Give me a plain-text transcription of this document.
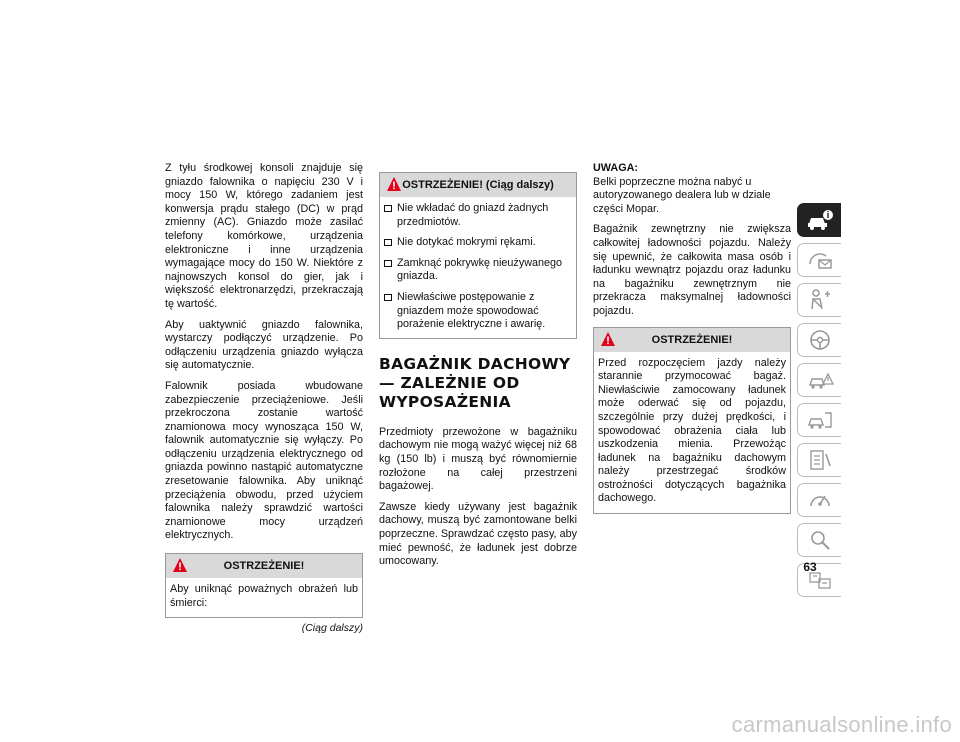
Z tyłu środkowej konsoli znajduje się gniazdo falownika o napięciu 230 V i mocy 150 W, którego zadaniem jest konwersja prądu stałego (DC) w prąd zmienny (AC). Gniazdo może zasilać telefony komórkowe, urządzenia elektroniczne i inne urządzenia wymagające mocy do 150 W. Niektóre z najnowszych konsol do gier, jak i większość elektronarzędzi, przekraczają tę wartość.

Aby uaktywnić gniazdo falownika, wystarczy podłączyć urządzenie. Po odłączeniu urządzenia gniazdo wyłącza się automatycznie.

Falownik posiada wbudowane zabezpieczenie przeciążeniowe. Jeśli przekroczona zostanie wartość znamionowa mocy wynosząca 150 W, falownik automatycznie się wyłączy. Po odłączeniu urządzenia elektrycznego od gniazda powinno nastąpić automatyczne zresetowanie falownika. Aby uniknąć przeciążenia obwodu, przed użyciem falownika należy sprawdzić wartości znamionowe mocy urządzeń elektrycznych.

OSTRZEŻENIE!

Aby uniknąć poważnych obrażeń lub śmierci:

(Ciąg dalszy)
OSTRZEŻENIE! (Ciąg dalszy)
Nie wkładać do gniazd żadnych przedmiotów.
Nie dotykać mokrymi rękami.
Zamknąć pokrywkę nieużywanego gniazda.
Niewłaściwe postępowanie z gniazdem może spowodować porażenie elektryczne i awarię.
BAGAŻNIK DACHOWY — ZALEŻNIE OD WYPOSAŻENIA

Przedmioty przewożone w bagażniku dachowym nie mogą ważyć więcej niż 68 kg (150 lb) i muszą być równomiernie rozłożone na całej przestrzeni bagażowej.

Zawsze kiedy używany jest bagażnik dachowy, muszą być zamontowane belki poprzeczne. Sprawdzać często pasy, aby mieć pewność, że ładunek jest dobrze umocowany.

UWAGA:

Belki poprzeczne można nabyć u autoryzowanego dealera lub w dziale części Mopar.

Bagażnik zewnętrzny nie zwiększa całkowitej ładowności pojazdu. Należy się upewnić, że całkowita masa osób i ładunku wewnątrz pojazdu oraz ładunku na bagażniku zewnętrznym nie przekracza maksymalnej ładowności pojazdu.

OSTRZEŻENIE!

Przed rozpoczęciem jazdy należy starannie przymocować bagaż. Niewłaściwie zamocowany ładunek może oderwać się od pojazdu, szczególnie przy dużej prędkości, i spowodować obrażenia ciała lub uszkodzenia mienia. Przewożąc ładunek na bagażniku dachowym należy przestrzegać środków ostrożności dotyczących bagażnika dachowego.

63
carmanualsonline.info
